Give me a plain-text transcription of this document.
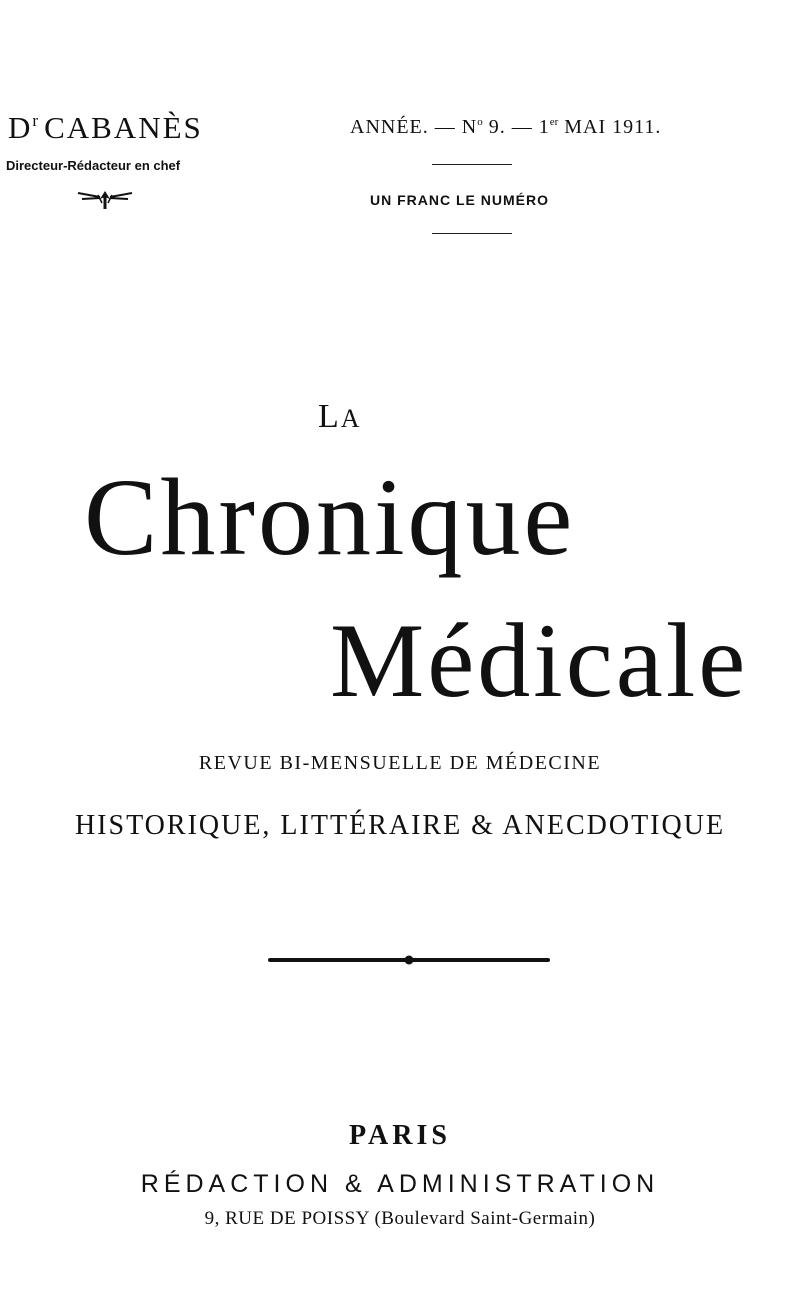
$D^r$ CABANÈS
Directeur-Rédacteur en chef
ANNÉE. — $N^o$ 9. — 1er MAI 1911.
UN FRANC LE NUMÉRO
LA
Chronique
Médicale
REVUE BI-MENSUELLE DE MÉDECINE
HISTORIQUE, LITTÉRAIRE & ANECDOTIQUE
PARIS
RÉDACTION & ADMINISTRATION
9, RUE DE POISSY (Boulevard Saint-Germain)
